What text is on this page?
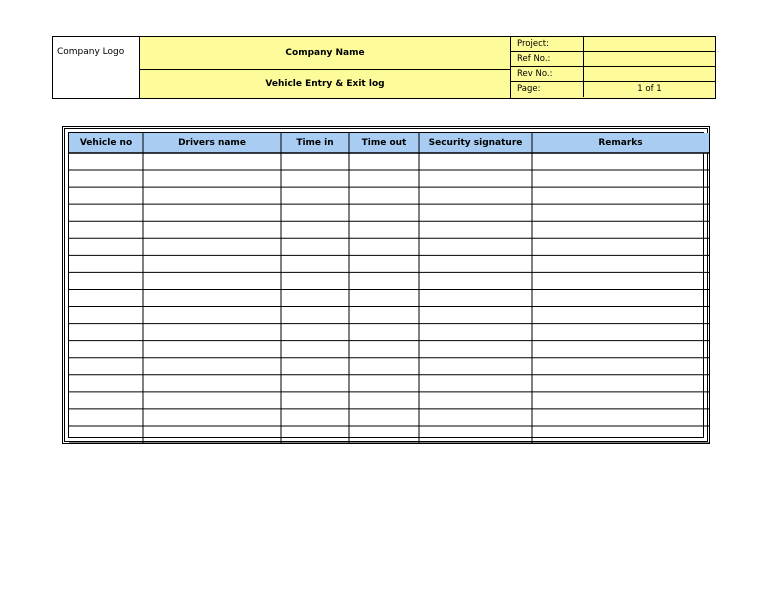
Company Logo	Company Name
Vehicle Entry & Exit log
Project:
Ref No.:
Rev No.:
Page:	1 of 1
Vehicle no	Drivers name	Time in	Time out	Security signature	Remarks
